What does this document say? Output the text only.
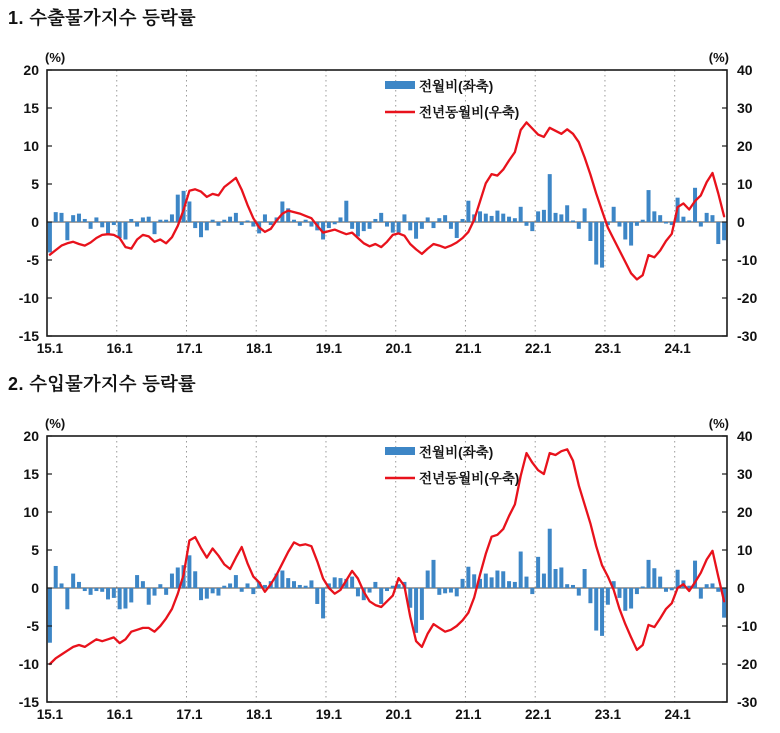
1. 수출물가지수 등락률
20
15
10
5
0
-5
-10
-15
40
30
20
10
0
-10
-20
-30
(%)	(%)
15.1	16.1	17.1	18.1	19.1	20.1	21.1	22.1	23.1	24.1
전월비(좌축)
전년동월비(우축)
2. 수입물가지수 등락률
20
15
10
5
0
-5
-10
-15
40
30
20
10
0
-10
-20
-30
(%)	(%)
15.1	16.1	17.1	18.1	19.1	20.1	21.1	22.1	23.1	24.1
전월비(좌축)
전년동월비(우축)
